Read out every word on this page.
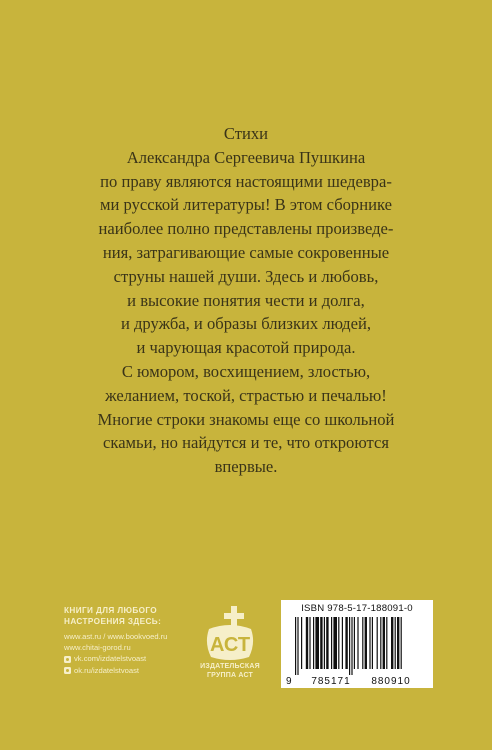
Стихи
Александра Сергеевича Пушкина
по праву являются настоящими шедевра-
ми русской литературы! В этом сборнике
наиболее полно представлены произведе-
ния, затрагивающие самые сокровенные
струны нашей души. Здесь и любовь,
и высокие понятия чести и долга,
и дружба, и образы близких людей,
и чарующая красотой природа.
С юмором, восхищением, злостью,
желанием, тоской, страстью и печалью!
Многие строки знакомы еще со школьной
скамьи, но найдутся и те, что откроются
впервые.
КНИГИ ДЛЯ ЛЮБОГО
НАСТРОЕНИЯ ЗДЕСЬ:
www.ast.ru / www.bookvoed.ru
www.chitai-gorod.ru
vk.com/izdatelstvoast
ok.ru/izdatelstvoast
АСТ
ИЗДАТЕЛЬСКАЯ
ГРУППА АСТ
ISBN 978-5-17-188091-0
9 785171 880910
